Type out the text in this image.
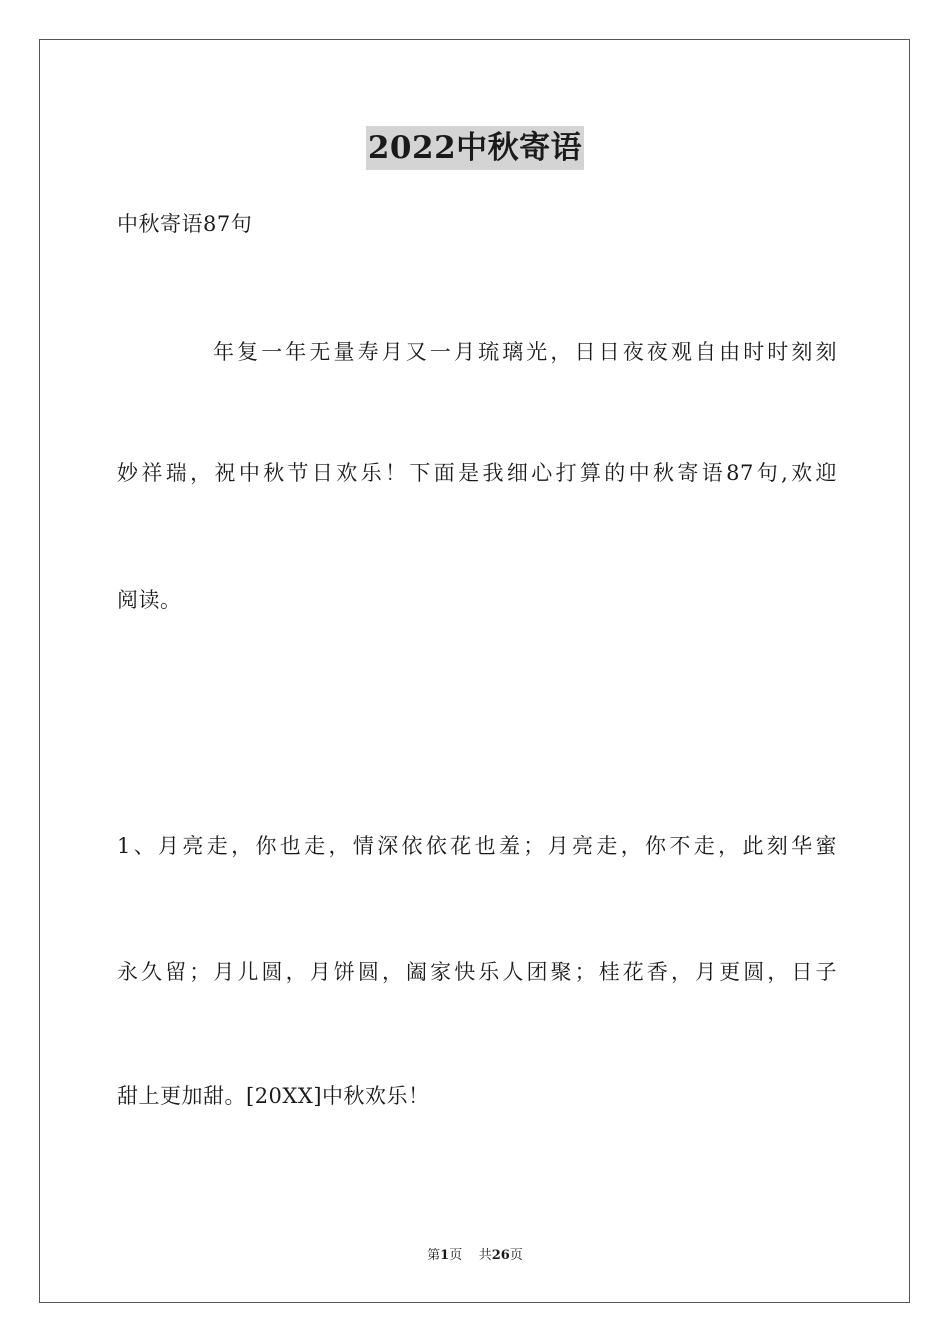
2022中秋寄语
中秋寄语87句
年复一年无量寿月又一月琉璃光，日日夜夜观自由时时刻刻
妙祥瑞，祝中秋节日欢乐！下面是我细心打算的中秋寄语87句,欢迎
阅读。
1、月亮走，你也走，情深依依花也羞；月亮走，你不走，此刻华蜜
永久留；月儿圆，月饼圆，阖家快乐人团聚；桂花香，月更圆，日子
甜上更加甜。[20XX]中秋欢乐！
第1页 共26页
